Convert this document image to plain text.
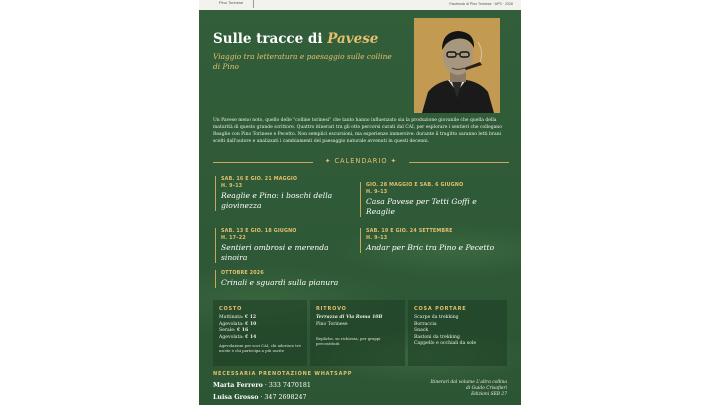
Pino Torinese	Facebook di Pino Torinese · APS · 2026
Sulle tracce di Pavese
Viaggio tra letteratura e paesaggio sulle colline di Pino

Un Pavese meno noto, quello delle "colline torinesi" che tanto hanno influenzato sia la produzione giovanile che quella della maturità di questo grande scrittore. Quattro itinerari tra gli otto percorsi curati dal CAI, per esplorare i sentieri che collegano Reaglie con Pino Torinese e Pecetto. Non semplici escursioni, ma esperienze immersive: durante il tragitto saranno letti brani scelti dall'autore e analizzati i cambiamenti del paesaggio naturale avvenuti in questi decenni.

✦ CALENDARIO ✦
SAB. 16 E GIO. 21 MAGGIO
H. 9–13
Reaglie e Pino: i boschi della giovinezza
GIO. 28 MAGGIO E SAB. 6 GIUGNO
H. 9–13
Casa Pavese per Tetti Goffi e Reaglie
SAB. 13 E GIO. 18 GIUGNO
H. 17–22
Sentieri ombrosi e merenda sinoira
SAB. 19 E GIO. 24 SETTEMBRE
H. 9–13
Andar per Bric tra Pino e Pecetto
OTTOBRE 2026
Crinali e sguardi sulla pianura
COSTO
Mattinata: € 12
Agevolata: € 10
Serale: € 16
Agevolata: € 14
Agevolazioni per soci CAI, chi aderisce tre uscite e chi partecipa a più uscite
RITROVO
Terrazza di Via Roma 10B
Pino Torinese
Repliche, su richiesta, per gruppi precostituiti
COSA PORTARE
Scarpe da trekking
Borraccia
Snack
Bastoni da trekking
Cappello e occhiali da sole
NECESSARIA PRENOTAZIONE WHATSAPP
Marta Ferrero · 333 7470181
Luisa Grosso · 347 2698247
Itinerari dal volume L'altra collina
di Guido Crisafieri
Edizioni SEB 27
